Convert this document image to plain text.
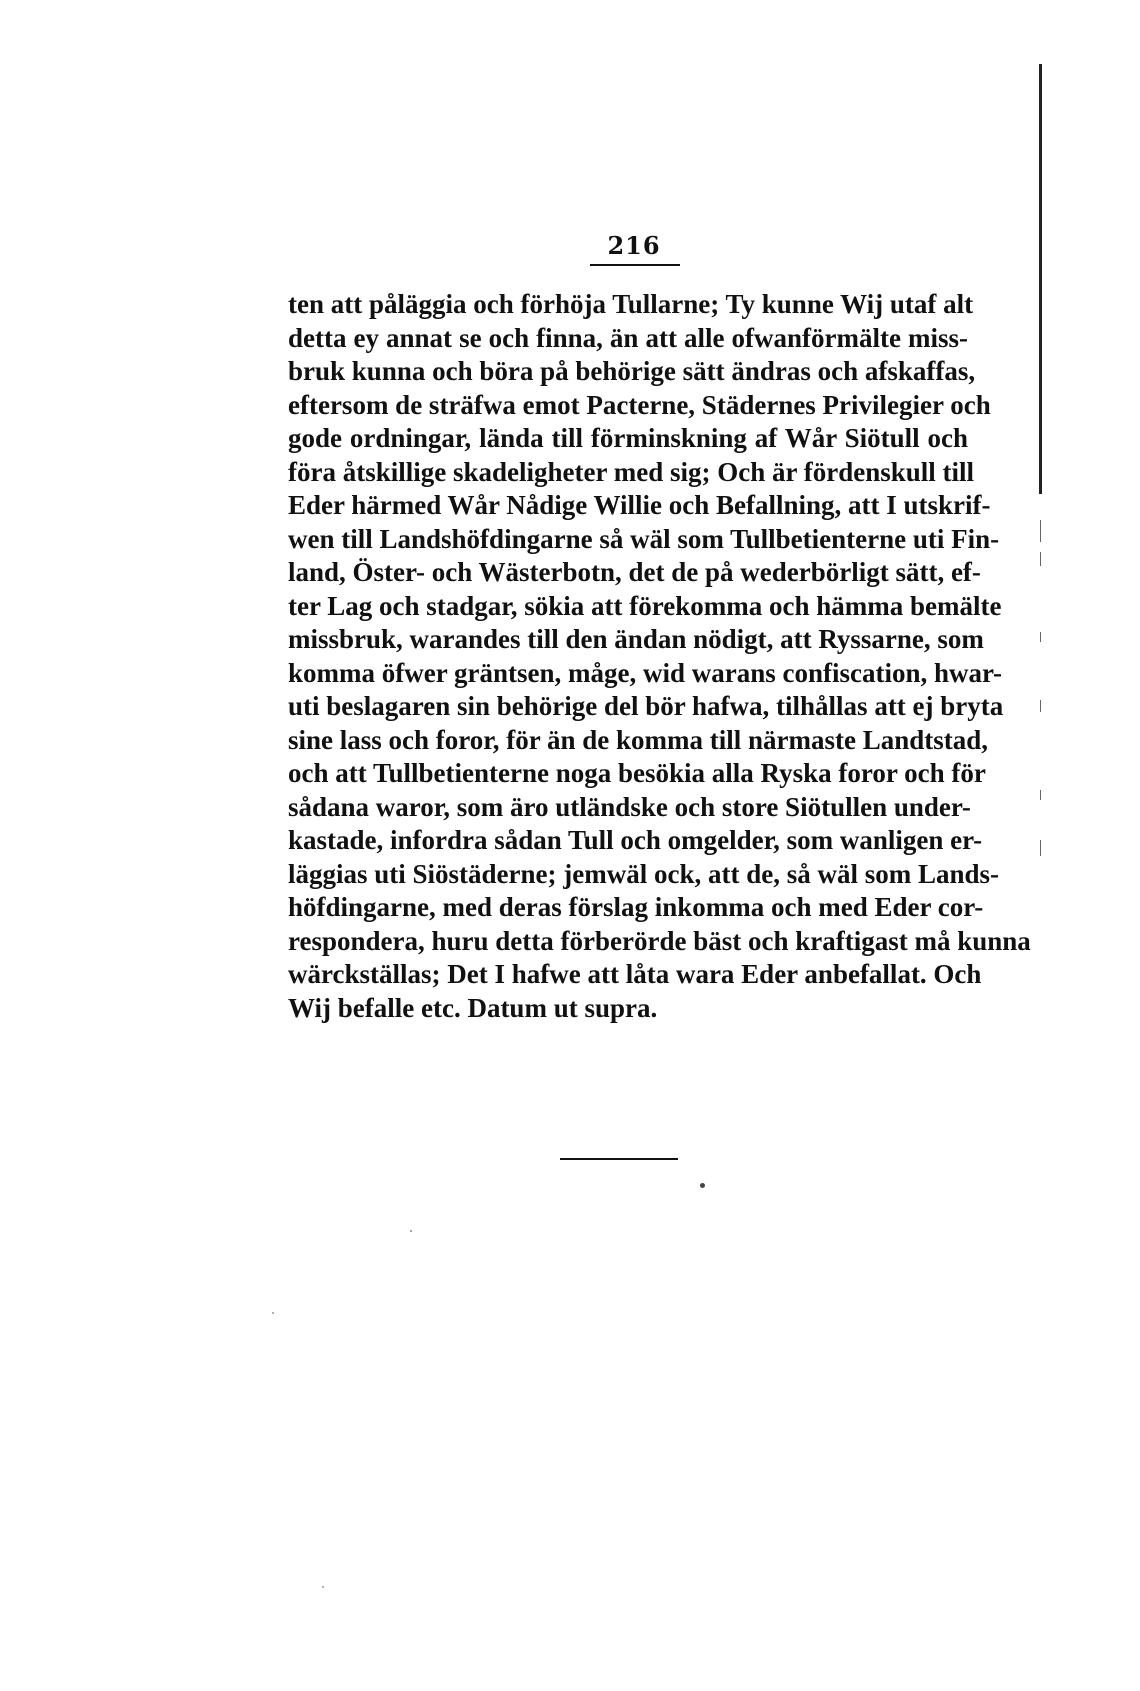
216
ten att påläggia och förhöja Tullarne; Ty kunne Wij utaf alt
detta ey annat se och finna, än att alle ofwanförmälte miss-
bruk kunna och böra på behörige sätt ändras och afskaffas,
eftersom de sträfwa emot Pacterne, Städernes Privilegier och
gode ordningar, lända till förminskning af Wår Siötull och
föra åtskillige skadeligheter med sig; Och är fördenskull till
Eder härmed Wår Nådige Willie och Befallning, att I utskrif-
wen till Landshöfdingarne så wäl som Tullbetienterne uti Fin-
land, Öster- och Wästerbotn, det de på wederbörligt sätt, ef-
ter Lag och stadgar, sökia att förekomma och hämma bemälte
missbruk, warandes till den ändan nödigt, att Ryssarne, som
komma öfwer gräntsen, måge, wid warans confiscation, hwar-
uti beslagaren sin behörige del bör hafwa, tilhållas att ej bryta
sine lass och foror, för än de komma till närmaste Landtstad,
och att Tullbetienterne noga besökia alla Ryska foror och för
sådana waror, som äro utländske och store Siötullen under-
kastade, infordra sådan Tull och omgelder, som wanligen er-
läggias uti Siöstäderne; jemwäl ock, att de, så wäl som Lands-
höfdingarne, med deras förslag inkomma och med Eder cor-
respondera, huru detta förberörde bäst och kraftigast må kunna
wärckställas; Det I hafwe att låta wara Eder anbefallat. Och
Wij befalle etc. Datum ut supra.
